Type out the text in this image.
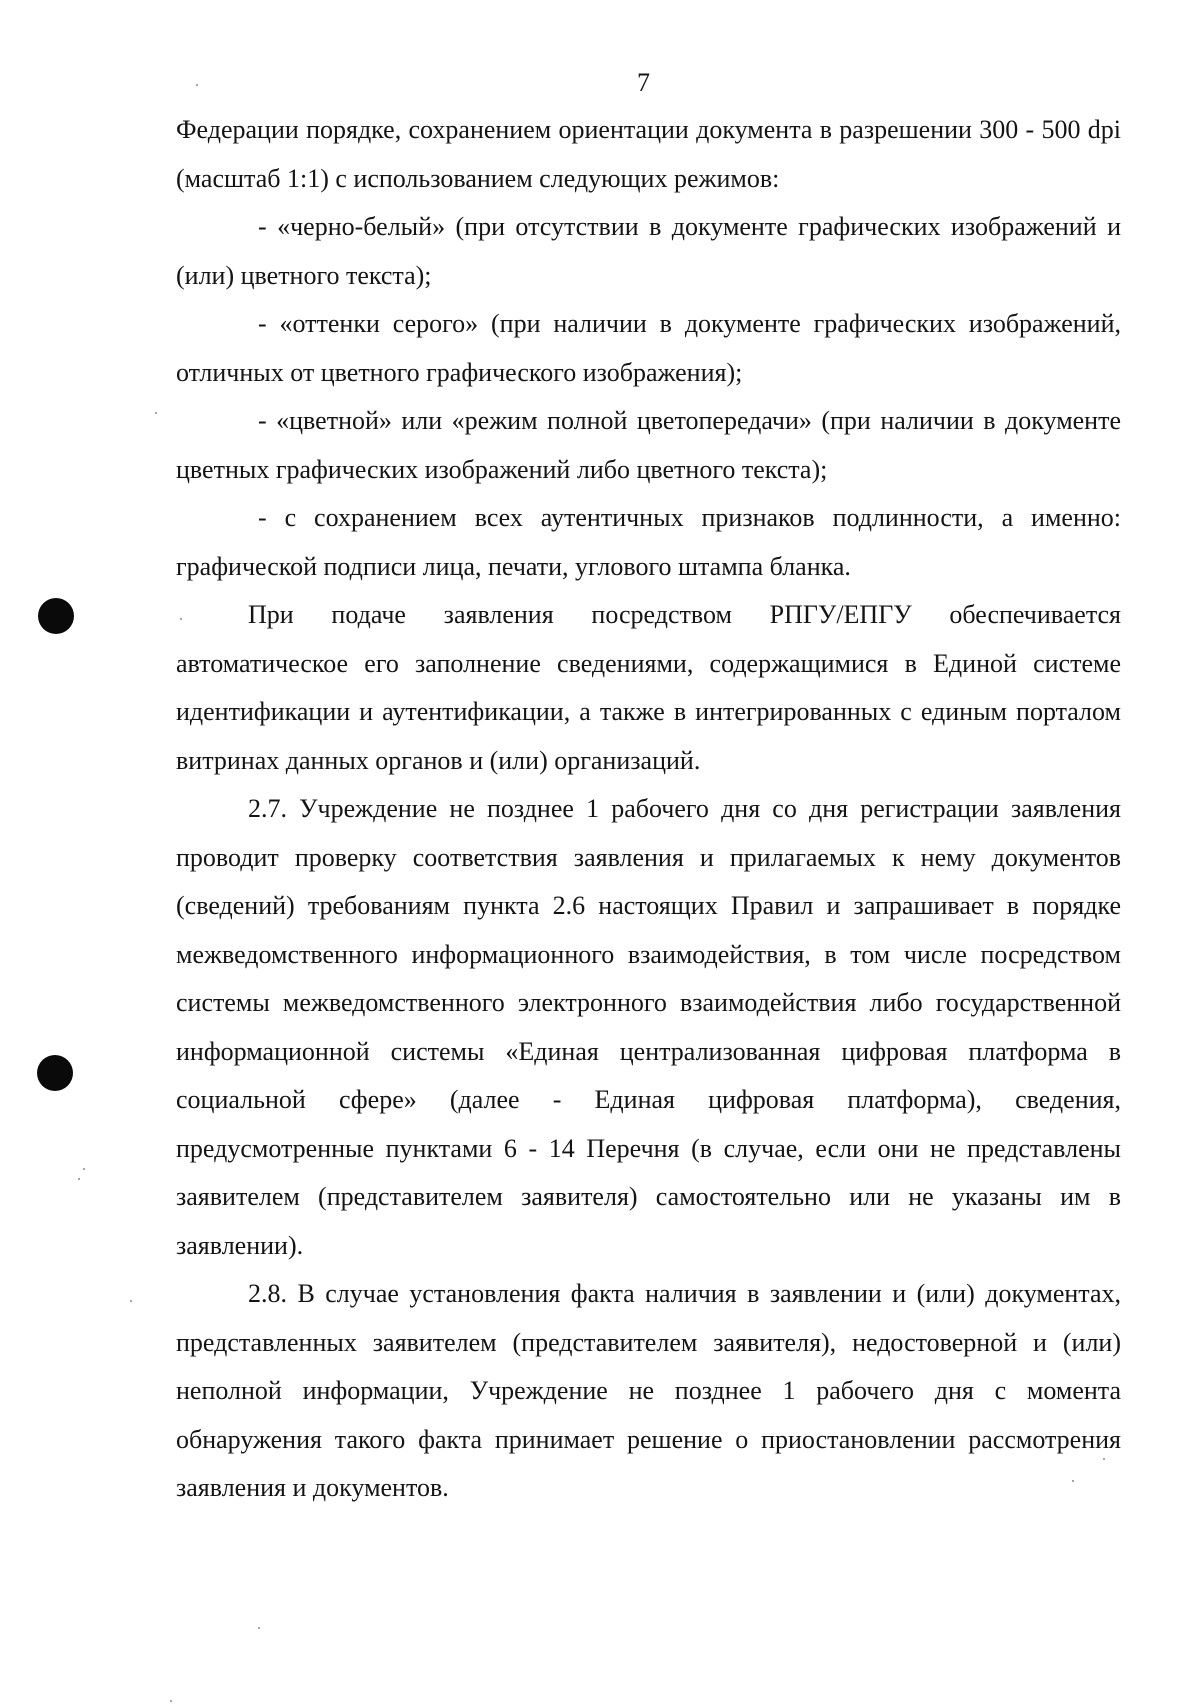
7

Федерации порядке, сохранением ориентации документа в разрешении 300 - 500 dpi (масштаб 1:1) с использованием следующих режимов:

- «черно-белый» (при отсутствии в документе графических изображений и (или) цветного текста);

- «оттенки серого» (при наличии в документе графических изображений, отличных от цветного графического изображения);

- «цветной» или «режим полной цветопередачи» (при наличии в документе цветных графических изображений либо цветного текста);

- с сохранением всех аутентичных признаков подлинности, а именно: графической подписи лица, печати, углового штампа бланка.

При подаче заявления посредством РПГУ/ЕПГУ обеспечивается автоматическое его заполнение сведениями, содержащимися в Единой системе идентификации и аутентификации, а также в интегрированных с единым порталом витринах данных органов и (или) организаций.

2.7. Учреждение не позднее 1 рабочего дня со дня регистрации заявления проводит проверку соответствия заявления и прилагаемых к нему документов (сведений) требованиям пункта 2.6 настоящих Правил и запрашивает в порядке межведомственного информационного взаимодействия, в том числе посредством системы межведомственного электронного взаимодействия либо государственной информационной системы «Единая централизованная цифровая платформа в социальной сфере» (далее - Единая цифровая платформа), сведения, предусмотренные пунктами 6 - 14 Перечня (в случае, если они не представлены заявителем (представителем заявителя) самостоятельно или не указаны им в заявлении).

2.8. В случае установления факта наличия в заявлении и (или) документах, представленных заявителем (представителем заявителя), недостоверной и (или) неполной информации, Учреждение не позднее 1 рабочего дня с момента обнаружения такого факта принимает решение о приостановлении рассмотрения заявления и документов.
